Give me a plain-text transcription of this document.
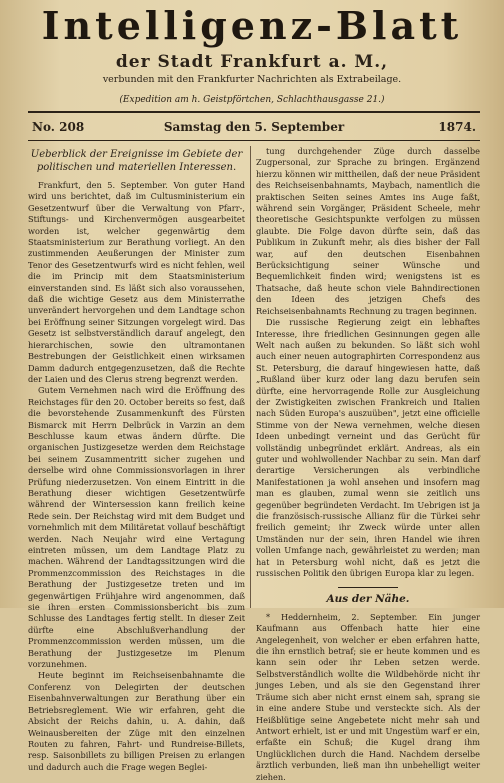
Intelligenz-Blatt
der Stadt Frankfurt a. M.,
verbunden mit den Frankfurter Nachrichten als Extrabeilage.
(Expedition am h. Geistpförtchen, Schlachthausgasse 21.)
No. 208	Samstag den 5. September	1874.
Ueberblick der Ereignisse im Gebiete der politischen und materiellen Interessen.

Frankfurt, den 5. September. Von guter Hand wird uns berichtet, daß im Cultusministerium ein Gesetzentwurf über die Verwaltung von Pfarr-, Stiftungs- und Kirchenvermögen ausgearbeitet worden ist, welcher gegenwärtig dem Staatsministerium zur Berathung vorliegt. An den zustimmenden Aeußerungen der Minister zum Tenor des Gesetzentwurfs wird es nicht fehlen, weil die im Princip mit dem Staatsministerium einverstanden sind. Es läßt sich also voraussehen, daß die wichtige Gesetz aus dem Ministerrathe unverändert hervorgehen und dem Landtage schon bei Eröffnung seiner Sitzungen vorgelegt wird. Das Gesetz ist selbstverständlich darauf angelegt, den hierarchischen, sowie den ultramontanen Bestrebungen der Geistlichkeit einen wirksamen Damm dadurch entgegenzusetzen, daß die Rechte der Laien und des Clerus streng begrenzt werden.

Gutem Vernehmen nach wird die Eröffnung des Reichstages für den 20. October bereits so fest, daß die bevorstehende Zusammenkunft des Fürsten Bismarck mit Herrn Delbrück in Varzin an dem Beschlusse kaum etwas ändern dürfte. Die organischen Justizgesetze werden dem Reichstage bei seinem Zusammentritt sicher zugehen und derselbe wird ohne Commissionsvorlagen in ihrer Prüfung niederzusetzen. Von einem Eintritt in die Berathung dieser wichtigen Gesetzentwürfe während der Wintersession kann freilich keine Rede sein. Der Reichstag wird mit dem Budget und vornehmlich mit dem Militäretat vollauf beschäftigt werden. Nach Neujahr wird eine Vertagung eintreten müssen, um dem Landtage Platz zu machen. Während der Landtagssitzungen wird die Prommenzcommission des Reichstages in die Berathung der Justizgesetze treten und im gegenwärtigen Frühjahre wird angenommen, daß sie ihren ersten Commissionsbericht bis zum Schlusse des Landtages fertig stellt. In dieser Zeit dürfte eine Abschlußverhandlung der Prommenzcommission werden müssen, um die Berathung der Justizgesetze im Plenum vorzunehmen.

Heute beginnt im Reichseisenbahnamte die Conferenz von Delegirten der deutschen Eisenbahnverwaltungen zur Berathung über ein Betriebsreglement. Wie wir erfahren, geht die Absicht der Reichs dahin, u. A. dahin, daß Weinausbereiten der Züge mit den einzelnen Routen zu fahren, Fahrt- und Rundreise-Billets, resp. Saisonbillets zu billigen Preisen zu erlangen und dadurch auch die Frage wegen Beglei-

tung durchgehender Züge durch dasselbe Zugpersonal, zur Sprache zu bringen. Ergänzend hierzu können wir mittheilen, daß der neue Präsident des Reichseisenbahnamts, Maybach, namentlich die praktischen Seiten seines Amtes ins Auge faßt, während sein Vorgänger, Präsident Scheele, mehr theoretische Gesichtspunkte verfolgen zu müssen glaubte. Die Folge davon dürfte sein, daß das Publikum in Zukunft mehr, als dies bisher der Fall war, auf den deutschen Eisenbahnen Berücksichtigung seiner Wünsche und Bequemlichkeit finden wird; wenigstens ist es Thatsache, daß heute schon viele Bahndirectionen den Ideen des jetzigen Chefs des Reichseisenbahnamts Rechnung zu tragen beginnen.

Die russische Regierung zeigt ein lebhaftes Interesse, ihre friedlichen Gesinnungen gegen alle Welt nach außen zu bekunden. So läßt sich wohl auch einer neuen autographirten Correspondenz aus St. Petersburg, die darauf hingewiesen hatte, daß „Rußland über kurz oder lang dazu berufen sein dürfte, eine hervorragende Rolle zur Ausgleichung der Zwistigkeiten zwischen Frankreich und Italien nach Süden Europa's auszuüben", jetzt eine officielle Stimme von der Newa vernehmen, welche diesen Ideen unbedingt verneint und das Gerücht für vollständig unbegründet erklärt. Andreas, als ein guter und wohlwollender Nachbar zu sein. Man darf derartige Versicherungen als verbindliche Manifestationen ja wohl ansehen und insofern mag man es glauben, zumal wenn sie zeitlich uns gegenüber begründeten Verdacht. Im Uebrigen ist ja die französisch-russische Allianz für die Türkei sehr freilich gemeint; ihr Zweck würde unter allen Umständen nur der sein, ihren Handel wie ihren vollen Umfange nach, gewährleistet zu werden; man hat in Petersburg wohl nicht, daß es jetzt die russischen Politik den übrigen Europa klar zu legen.

Aus der Nähe.

* Heddernheim, 2. September. Ein junger Kaufmann aus Offenbach hatte hier eine Angelegenheit, von welcher er eben erfahren hatte, die ihn ernstlich betraf; sie er heute kommen und es kann sein oder ihr Leben setzen werde. Selbstverständlich wollte die Wildbehörde nicht ihr junges Leben, und als sie den Gegenstand ihrer Träume sich aber nicht ernst einem sah, sprang sie in eine andere Stube und versteckte sich. Als der Heißblütige seine Angebetete nicht mehr sah und Antwort erhielt, ist er und mit Ungestüm warf er ein, erfaßte ein Schuß; die Kugel drang ihm Unglücklichen durch die Hand. Nachdem derselbe ärztlich verbunden, ließ man ihn unbehelligt weiter ziehen.
